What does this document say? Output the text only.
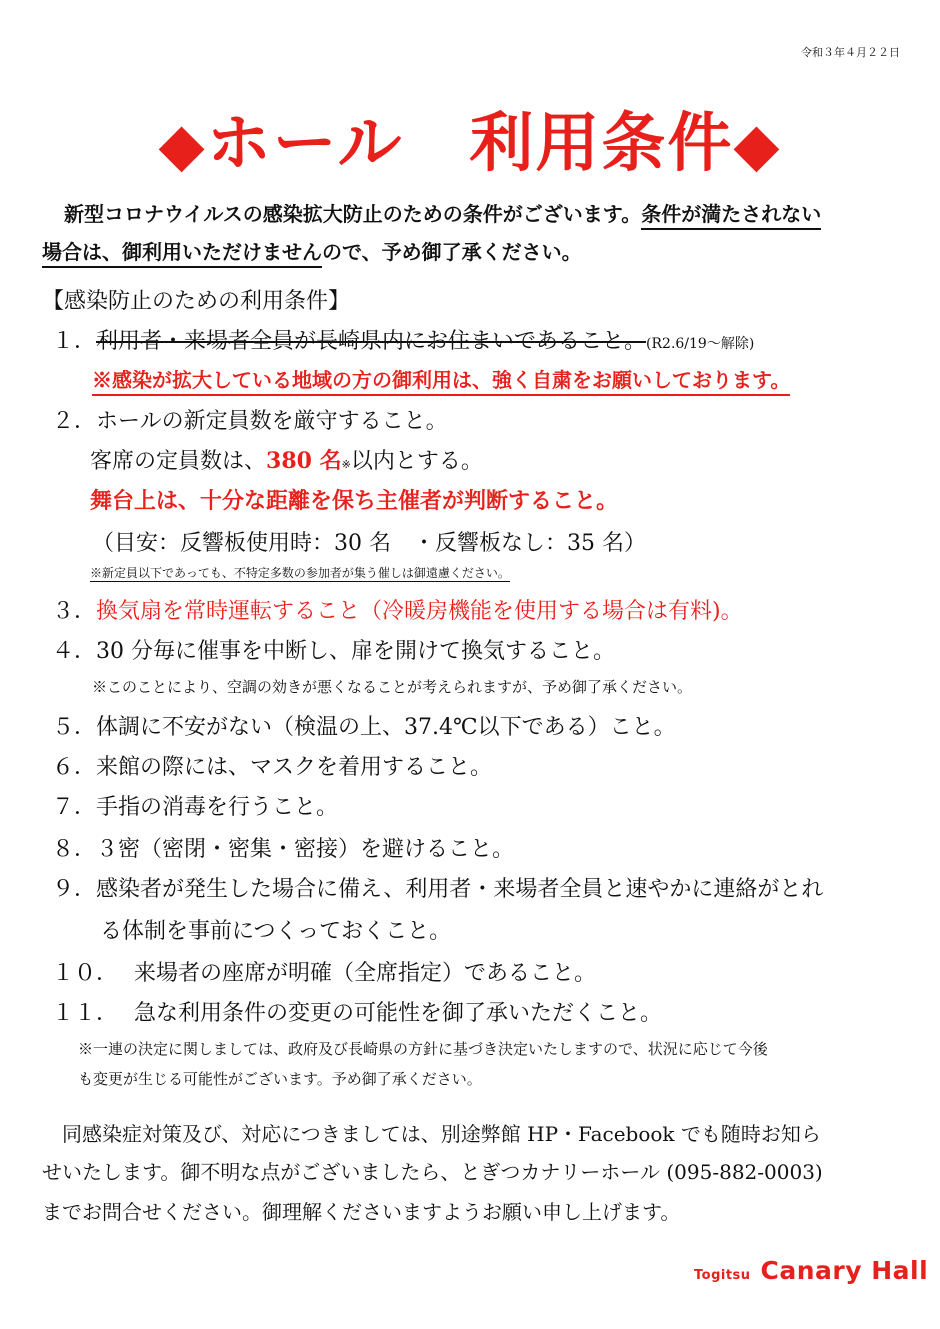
令和３年４月２２日
◆ホール　利用条件◆
新型コロナウイルスの感染拡大防止のための条件がございます。条件が満たされない
場合は、御利用いただけませんので、予め御了承ください。
【感染防止のための利用条件】
１．利用者・来場者全員が長崎県内にお住まいであること。(R2.6/19～解除)
※感染が拡大している地域の方の御利用は、強く自粛をお願いしております。
２．ホールの新定員数を厳守すること。
客席の定員数は、380 名※以内とする。
舞台上は、十分な距離を保ち主催者が判断すること。
（目安：反響板使用時：30 名　・反響板なし：35 名）
※新定員以下であっても、不特定多数の参加者が集う催しは御遠慮ください。
３．換気扇を常時運転すること（冷暖房機能を使用する場合は有料)。
４．30 分毎に催事を中断し、扉を開けて換気すること。
※このことにより、空調の効きが悪くなることが考えられますが、予め御了承ください。
５．体調に不安がない（検温の上、37.4℃以下である）こと。
６．来館の際には、マスクを着用すること。
７．手指の消毒を行うこと。
８．３密（密閉・密集・密接）を避けること。
９．感染者が発生した場合に備え、利用者・来場者全員と速やかに連絡がとれ
る体制を事前につくっておくこと。
１０． 来場者の座席が明確（全席指定）であること。
１１． 急な利用条件の変更の可能性を御了承いただくこと。
※一連の決定に関しましては、政府及び長崎県の方針に基づき決定いたしますので、状況に応じて今後
も変更が生じる可能性がございます。予め御了承ください。
同感染症対策及び、対応につきましては、別途弊館 HP・Facebook でも随時お知ら
せいたします。御不明な点がございましたら、とぎつカナリーホール (095-882-0003)
までお問合せください。御理解くださいますようお願い申し上げます。
Togitsu Canary Hall
